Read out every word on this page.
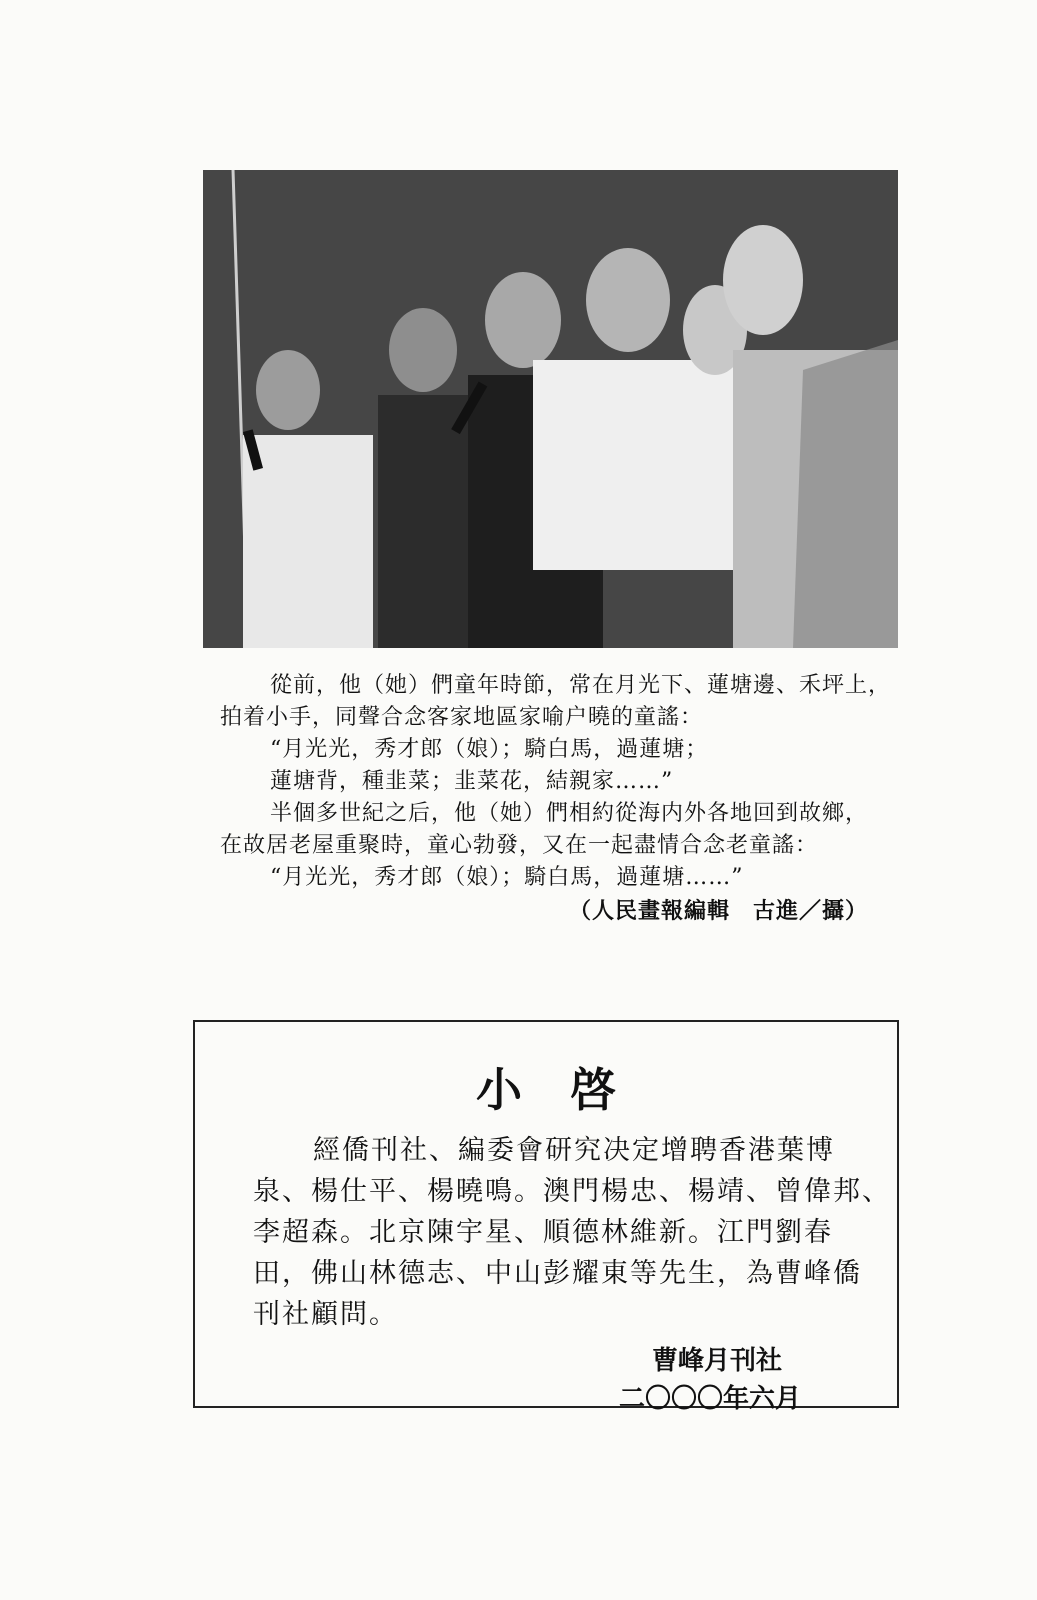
從前，他（她）們童年時節，常在月光下、蓮塘邊、禾坪上，

拍着小手，同聲合念客家地區家喻户曉的童謠：

“月光光，秀才郎（娘）；騎白馬，過蓮塘；

蓮塘背，種韭菜；韭菜花，結親家……”

半個多世紀之后，他（她）們相約從海内外各地回到故鄉，

在故居老屋重聚時，童心勃發，又在一起盡情合念老童謠：

“月光光，秀才郎（娘）；騎白馬，過蓮塘……”

（人民畫報編輯　古進／攝）

小啓
經僑刊社、編委會研究决定增聘香港葉博
泉、楊仕平、楊曉鳴。澳門楊忠、楊靖、曾偉邦、
李超森。北京陳宇星、順德林維新。江門劉春
田，佛山林德志、中山彭耀東等先生，為曹峰僑
刊社顧問。
曹峰月刊社
二〇〇〇年六月
